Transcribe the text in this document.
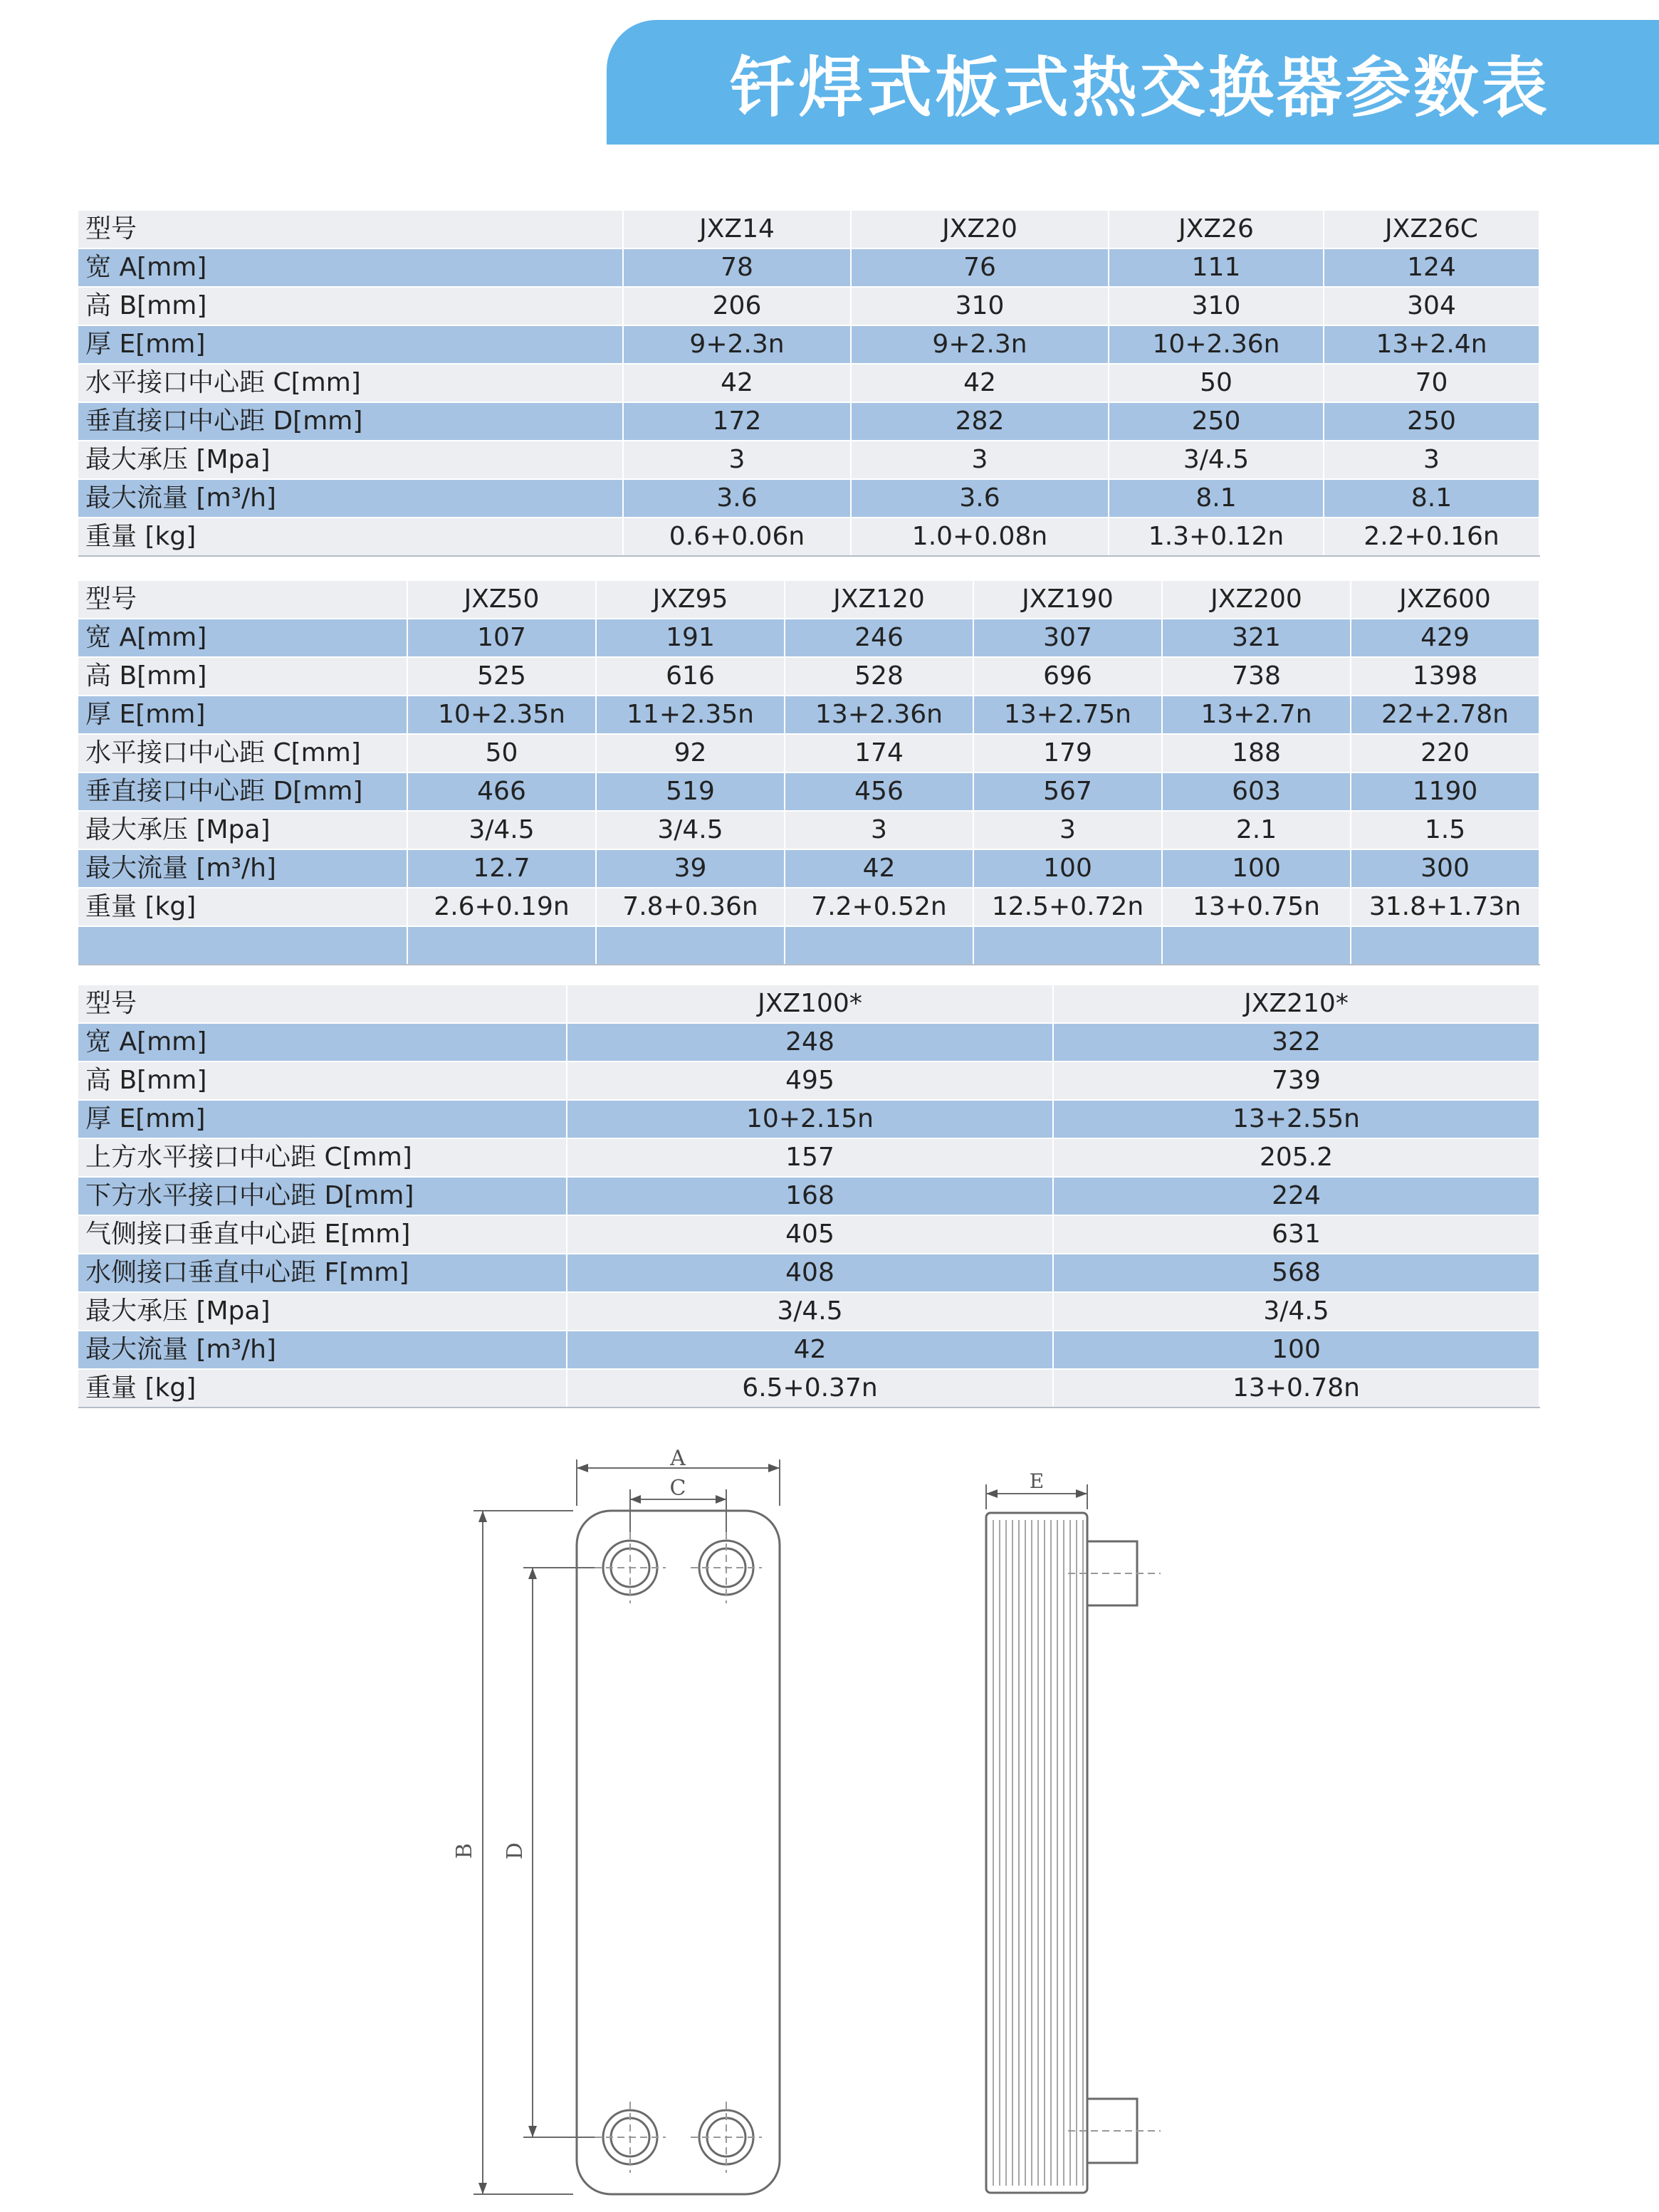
钎焊式板式热交换器参数表
型号	JXZ14	JXZ20	JXZ26	JXZ26C
宽 A[mm]	78	76	111	124
高 B[mm]	206	310	310	304
厚 E[mm]	9+2.3n	9+2.3n	10+2.36n	13+2.4n
水平接口中心距 C[mm]	42	42	50	70
垂直接口中心距 D[mm]	172	282	250	250
最大承压 [Mpa]	3	3	3/4.5	3
最大流量 [m³/h]	3.6	3.6	8.1	8.1
重量 [kg]	0.6+0.06n	1.0+0.08n	1.3+0.12n	2.2+0.16n
型号	JXZ50	JXZ95	JXZ120	JXZ190	JXZ200	JXZ600
宽 A[mm]	107	191	246	307	321	429
高 B[mm]	525	616	528	696	738	1398
厚 E[mm]	10+2.35n	11+2.35n	13+2.36n	13+2.75n	13+2.7n	22+2.78n
水平接口中心距 C[mm]	50	92	174	179	188	220
垂直接口中心距 D[mm]	466	519	456	567	603	1190
最大承压 [Mpa]	3/4.5	3/4.5	3	3	2.1	1.5
最大流量 [m³/h]	12.7	39	42	100	100	300
重量 [kg]	2.6+0.19n	7.8+0.36n	7.2+0.52n	12.5+0.72n	13+0.75n	31.8+1.73n

型号	JXZ100*	JXZ210*
宽 A[mm]	248	322
高 B[mm]	495	739
厚 E[mm]	10+2.15n	13+2.55n
上方水平接口中心距 C[mm]	157	205.2
下方水平接口中心距 D[mm]	168	224
气侧接口垂直中心距 E[mm]	405	631
水侧接口垂直中心距 F[mm]	408	568
最大承压 [Mpa]	3/4.5	3/4.5
最大流量 [m³/h]	42	100
重量 [kg]	6.5+0.37n	13+0.78n
A
C
B D
E
